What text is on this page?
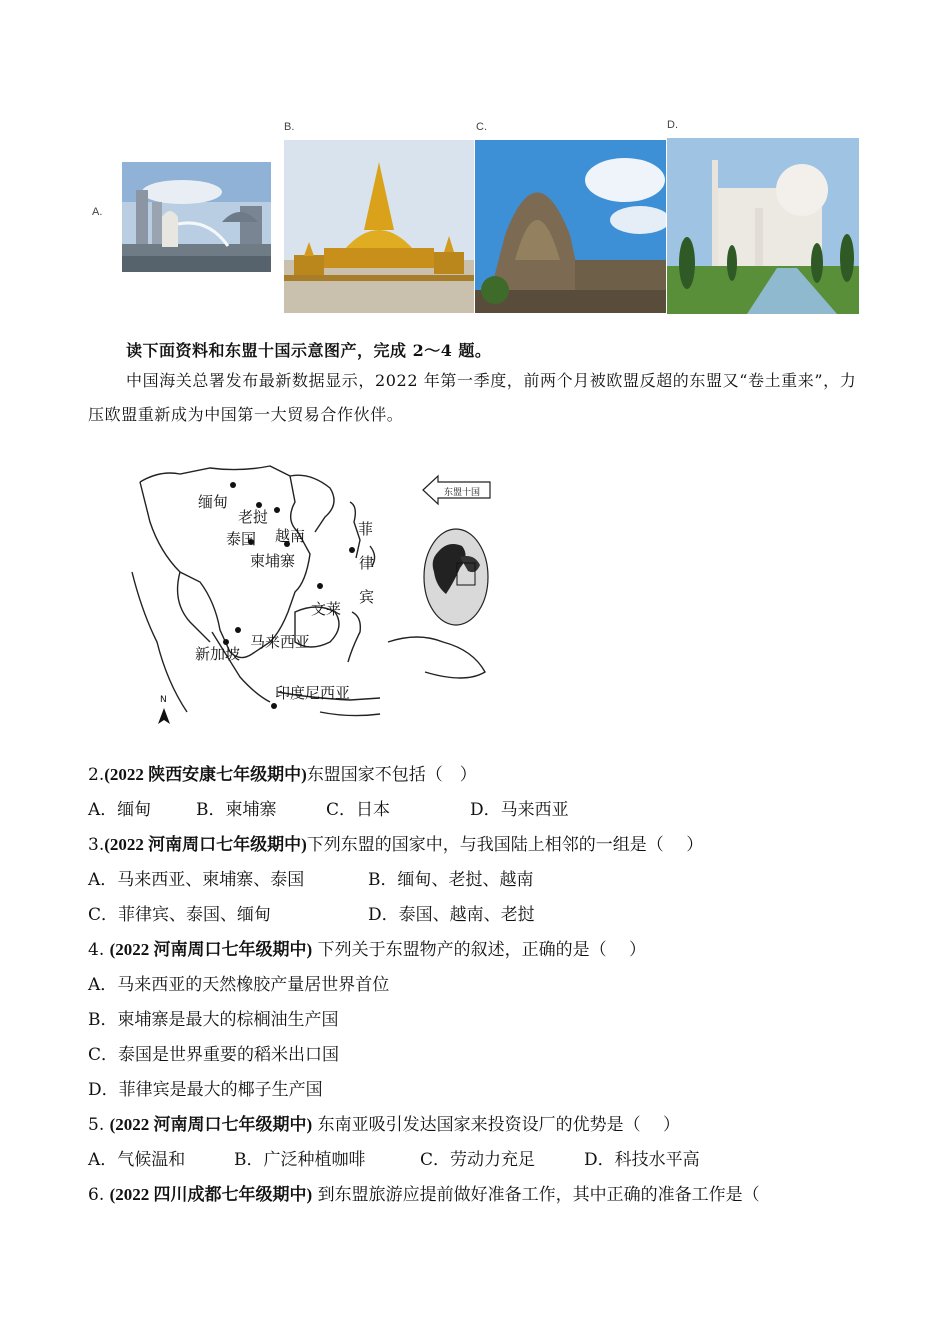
A.
B.	C.	D.
读下面资料和东盟十国示意图产，完成 2～4 题。
中国海关总署发布最新数据显示，2022 年第一季度，前两个月被欧盟反超的东盟又“卷土重来”，力压欧盟重新成为中国第一大贸易合作伙伴。
缅甸
老挝
泰国 越南
柬埔寨
菲
律
宾
文莱
马来西亚
新加坡
印度尼西亚
东盟十国
N
2.(2022 陕西安康七年级期中)东盟国家不包括（　）
A．缅甸	B．柬埔寨	C．日本	D．马来西亚
3.(2022 河南周口七年级期中)下列东盟的国家中，与我国陆上相邻的一组是（　 ）
A．马来西亚、柬埔寨、泰国	B．缅甸、老挝、越南
C．菲律宾、泰国、缅甸	D．泰国、越南、老挝
4. (2022 河南周口七年级期中) 下列关于东盟物产的叙述，正确的是（　 ）
A．马来西亚的天然橡胶产量居世界首位
B．柬埔寨是最大的棕榈油生产国
C．泰国是世界重要的稻米出口国
D．菲律宾是最大的椰子生产国
5. (2022 河南周口七年级期中) 东南亚吸引发达国家来投资设厂的优势是（　 ）
A．气候温和	B．广泛种植咖啡	C．劳动力充足	D．科技水平高
6. (2022 四川成都七年级期中) 到东盟旅游应提前做好准备工作，其中正确的准备工作是（
